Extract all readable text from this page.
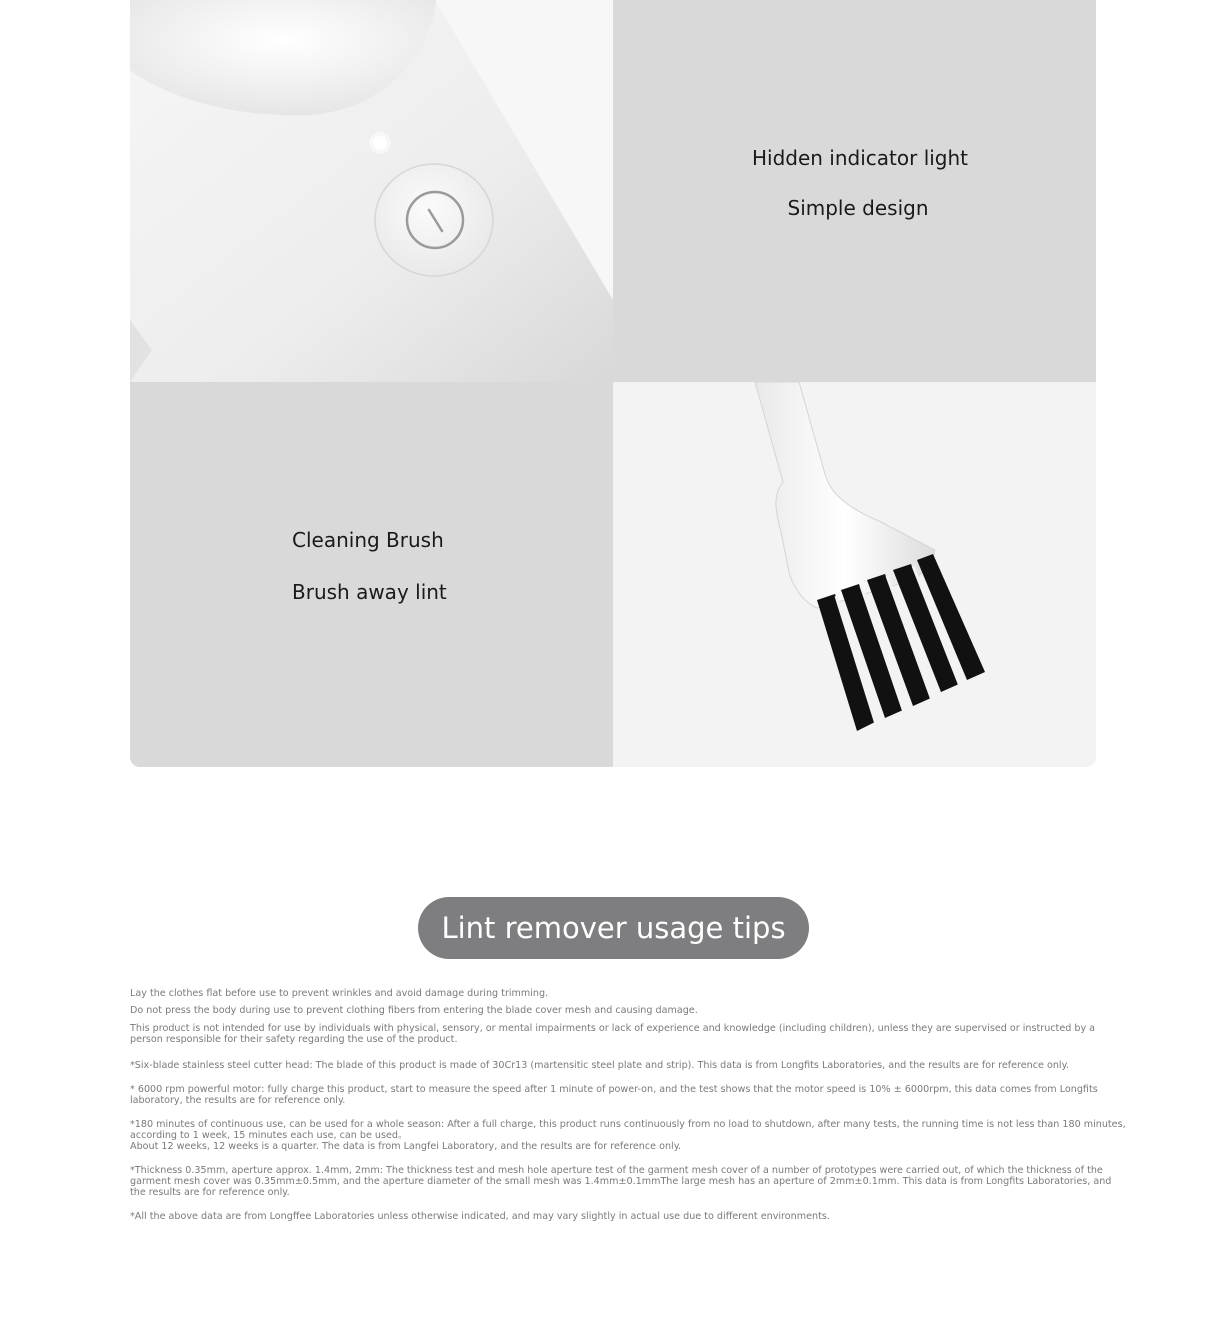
Hidden indicator light
Simple design
Cleaning Brush
Brush away lint
Lint remover usage tips

Lay the clothes flat before use to prevent wrinkles and avoid damage during trimming.

Do not press the body during use to prevent clothing fibers from entering the blade cover mesh and causing damage.

This product is not intended for use by individuals with physical, sensory, or mental impairments or lack of experience and knowledge (including children), unless they are supervised or instructed by a person responsible for their safety regarding the use of the product.

*Six-blade stainless steel cutter head: The blade of this product is made of 30Cr13 (martensitic steel plate and strip). This data is from Longfits Laboratories, and the results are for reference only.

* 6000 rpm powerful motor: fully charge this product, start to measure the speed after 1 minute of power-on, and the test shows that the motor speed is 10% ± 6000rpm, this data comes from Longfits laboratory, the results are for reference only.

*180 minutes of continuous use, can be used for a whole season: After a full charge, this product runs continuously from no load to shutdown, after many tests, the running time is not less than 180 minutes, according to 1 week, 15 minutes each use, can be used。
About 12 weeks, 12 weeks is a quarter. The data is from Langfei Laboratory, and the results are for reference only.

*Thickness 0.35mm, aperture approx. 1.4mm, 2mm: The thickness test and mesh hole aperture test of the garment mesh cover of a number of prototypes were carried out, of which the thickness of the garment mesh cover was 0.35mm±0.5mm, and the aperture diameter of the small mesh was 1.4mm±0.1mmThe large mesh has an aperture of 2mm±0.1mm. This data is from Longfits Laboratories, and the results are for reference only.

*All the above data are from Longffee Laboratories unless otherwise indicated, and may vary slightly in actual use due to different environments.
